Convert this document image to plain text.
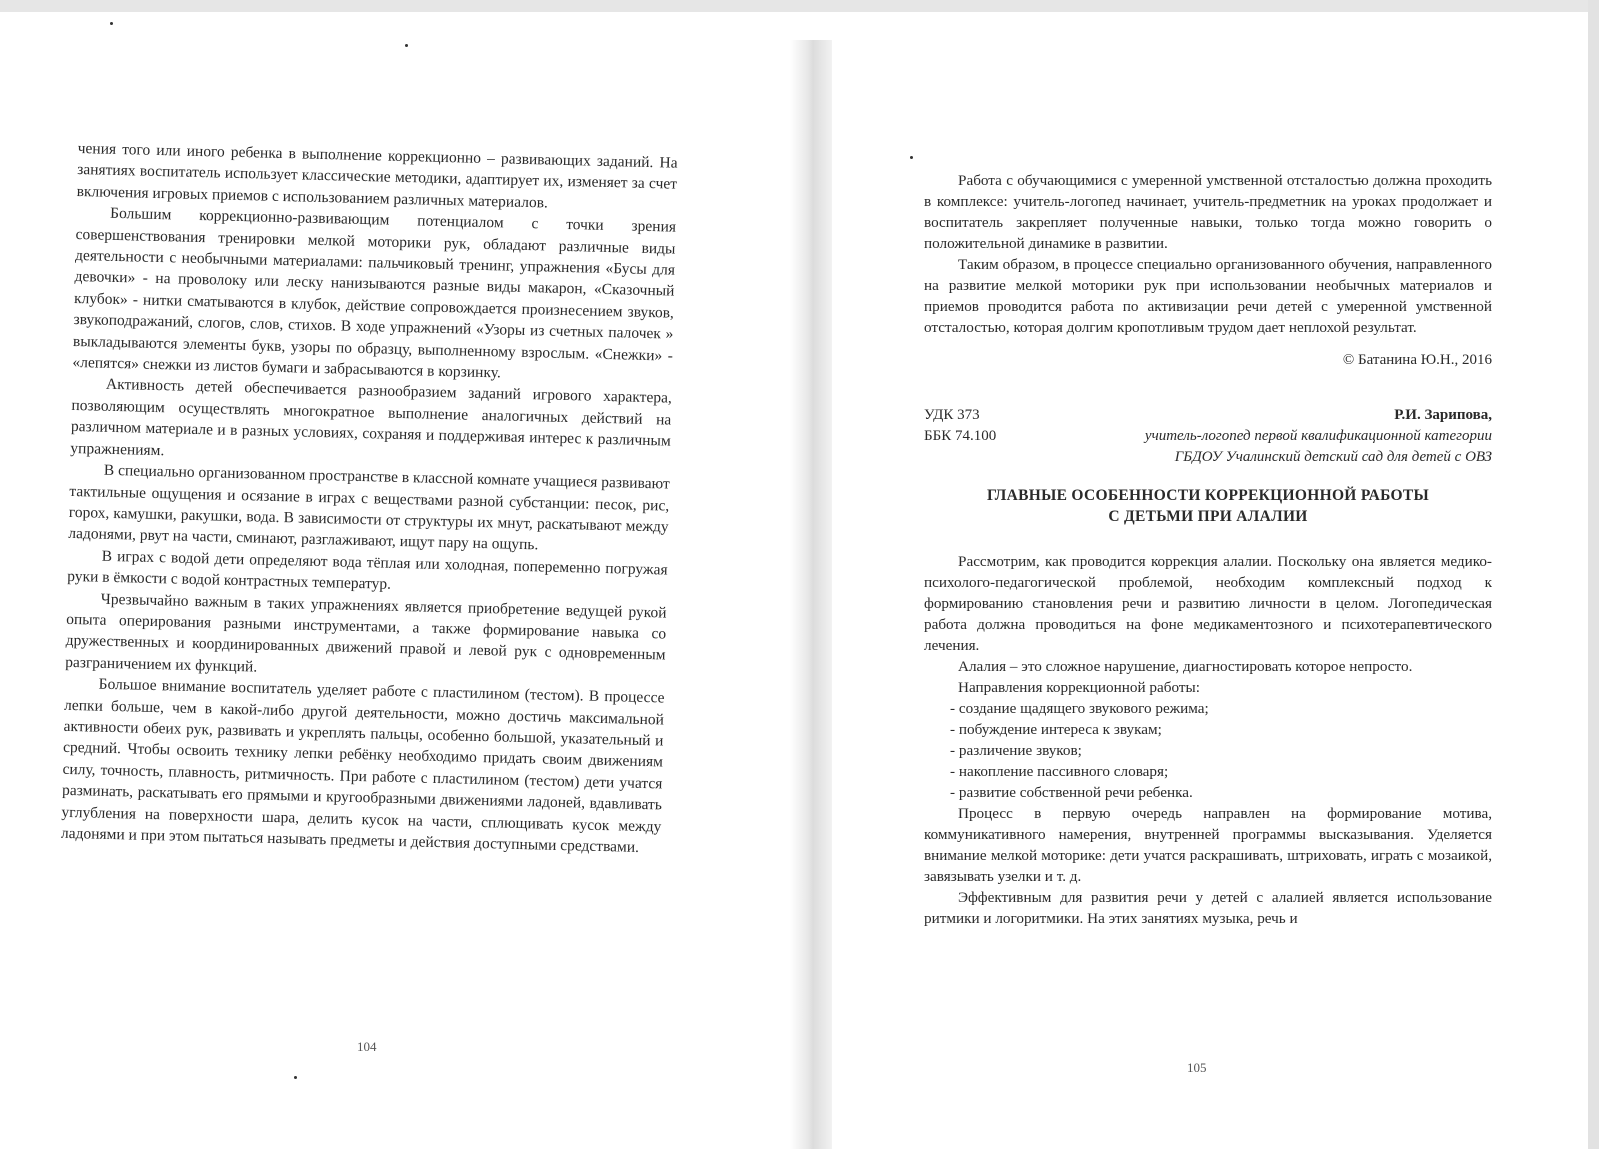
чения того или иного ребенка в выполнение коррекционно – развивающих заданий. На занятиях воспитатель использует классические методики, адаптирует их, изменяет за счет включения игровых приемов с использованием различных материалов.

Большим коррекционно-развивающим потенциалом с точки зрения совершенствования тренировки мелкой моторики рук, обладают различные виды деятельности с необычными материалами: пальчиковый тренинг, упражнения «Бусы для девочки» - на проволоку или леску нанизываются разные виды макарон, «Сказочный клубок» - нитки сматываются в клубок, действие сопровождается произнесением звуков, звукоподражаний, слогов, слов, стихов. В ходе упражнений «Узоры из счетных палочек » выкладываются элементы букв, узоры по образцу, выполненному взрослым. «Снежки» - «лепятся» снежки из листов бумаги и забрасываются в корзинку.

Активность детей обеспечивается разнообразием заданий игрового характера, позволяющим осуществлять многократное выполнение аналогичных действий на различном материале и в разных условиях, сохраняя и поддерживая интерес к различным упражнениям.

В специально организованном пространстве в классной комнате учащиеся развивают тактильные ощущения и осязание в играх с веществами разной субстанции: песок, рис, горох, камушки, ракушки, вода. В зависимости от структуры их мнут, раскатывают между ладонями, рвут на части, сминают, разглаживают, ищут пару на ощупь.

В играх с водой дети определяют вода тёплая или холодная, попеременно погружая руки в ёмкости с водой контрастных температур.

Чрезвычайно важным в таких упражнениях является приобретение ведущей рукой опыта оперирования разными инструментами, а также формирование навыка со дружественных и координированных движений правой и левой рук с одновременным разграничением их функций.

Большое внимание воспитатель уделяет работе с пластилином (тестом). В процессе лепки больше, чем в какой-либо другой деятельности, можно достичь максимальной активности обеих рук, развивать и укреплять пальцы, особенно большой, указательный и средний. Чтобы освоить технику лепки ребёнку необходимо придать своим движениям силу, точность, плавность, ритмичность. При работе с пластилином (тестом) дети учатся разминать, раскатывать его прямыми и кругообразными движениями ладоней, вдавливать углубления на поверхности шара, делить кусок на части, сплющивать кусок между ладонями и при этом пытаться называть предметы и действия доступными средствами.

104

Работа с обучающимися с умеренной умственной отсталостью должна проходить в комплексе: учитель-логопед начинает, учитель-предметник на уроках продолжает и воспитатель закрепляет полученные навыки, только тогда можно говорить о положительной динамике в развитии.

Таким образом, в процессе специально организованного обучения, направленного на развитие мелкой моторики рук при использовании необычных материалов и приемов проводится работа по активизации речи детей с умеренной умственной отсталостью, которая долгим кропотливым трудом дает неплохой результат.

© Батанина Ю.Н., 2016
УДК 373
ББК 74.100
Р.И. Зарипова,
учитель-логопед первой квалификационной категории
ГБДОУ Учалинский детский сад для детей с ОВЗ
ГЛАВНЫЕ ОСОБЕННОСТИ КОРРЕКЦИОННОЙ РАБОТЫ
С ДЕТЬМИ ПРИ АЛАЛИИ

Рассмотрим, как проводится коррекция алалии. Поскольку она является медико-психолого-педагогической проблемой, необходим комплексный подход к формированию становления речи и развитию личности в целом. Логопедическая работа должна проводиться на фоне медикаментозного и психотерапевтического лечения.

Алалия – это сложное нарушение, диагностировать которое непросто.

Направления коррекционной работы:

- создание щадящего звукового режима;

- побуждение интереса к звукам;

- различение звуков;

- накопление пассивного словаря;

- развитие собственной речи ребенка.

Процесс в первую очередь направлен на формирование мотива, коммуникативного намерения, внутренней программы высказывания. Уделяется внимание мелкой моторике: дети учатся раскрашивать, штриховать, играть с мозаикой, завязывать узелки и т. д.

Эффективным для развития речи у детей с алалией является использование ритмики и логоритмики. На этих занятиях музыка, речь и

105
